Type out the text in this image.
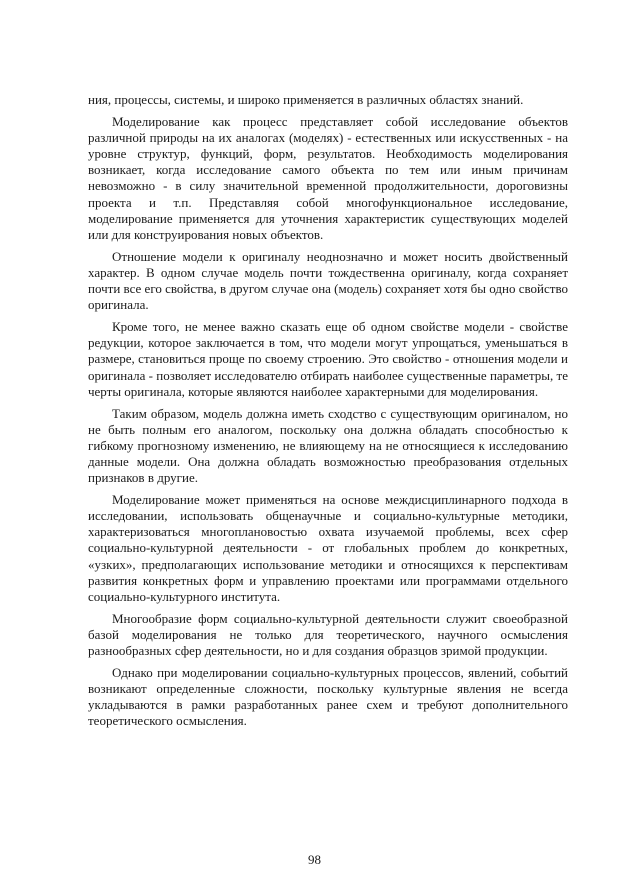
ния, процессы, системы, и широко применяется в различных областях знаний.

Моделирование как процесс представляет собой исследование объектов различной природы на их аналогах (моделях) - естественных или искусственных - на уровне структур, функций, форм, результатов. Необходимость моделирования возникает, когда исследование самого объекта по тем или иным причинам невозможно - в силу значительной временной продолжительности, дороговизны проекта и т.п. Представляя собой многофункциональное исследование, моделирование применяется для уточнения характеристик существующих моделей или для конструирования новых объектов.

Отношение модели к оригиналу неоднозначно и может носить двойственный характер. В одном случае модель почти тождественна оригиналу, когда сохраняет почти все его свойства, в другом случае она (модель) сохраняет хотя бы одно свойство оригинала.

Кроме того, не менее важно сказать еще об одном свойстве модели - свойстве редукции, которое заключается в том, что модели могут упрощаться, уменьшаться в размере, становиться проще по своему строению. Это свойство - отношения модели и оригинала - позволяет исследователю отбирать наиболее существенные параметры, те черты оригинала, которые являются наиболее характерными для моделирования.

Таким образом, модель должна иметь сходство с существующим оригиналом, но не быть полным его аналогом, поскольку она должна обладать способностью к гибкому прогнозному изменению, не влияющему на не относящиеся к исследованию данные модели. Она должна обладать возможностью преобразования отдельных признаков в другие.

Моделирование может применяться на основе междисциплинарного подхода в исследовании, использовать общенаучные и социально-культурные методики, характеризоваться многоплановостью охвата изучаемой проблемы, всех сфер социально-культурной деятельности - от глобальных проблем до конкретных, «узких», предполагающих использование методики и относящихся к перспективам развития конкретных форм и управлению проектами или программами отдельного социально-культурного института.

Многообразие форм социально-культурной деятельности служит своеобразной базой моделирования не только для теоретического, научного осмысления разнообразных сфер деятельности, но и для создания образцов зримой продукции.

Однако при моделировании социально-культурных процессов, явлений, событий возникают определенные сложности, поскольку культурные явления не всегда укладываются в рамки разработанных ранее схем и требуют дополнительного теоретического осмысления.

98
